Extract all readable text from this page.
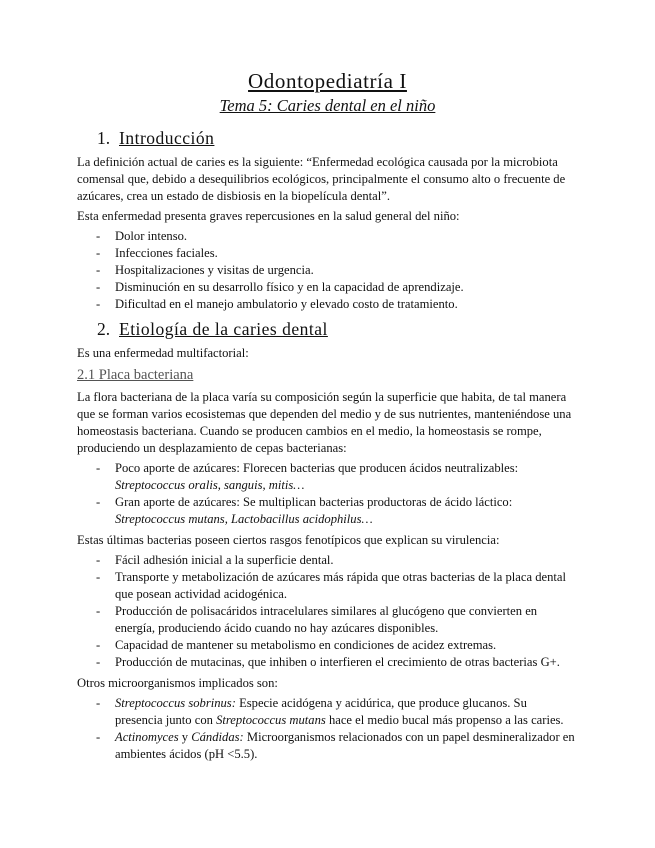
Odontopediatría I
Tema 5: Caries dental en el niño
1. Introducción

La definición actual de caries es la siguiente: “Enfermedad ecológica causada por la microbiota comensal que, debido a desequilibrios ecológicos, principalmente el consumo alto o frecuente de azúcares, crea un estado de disbiosis en la biopelícula dental”.

Esta enfermedad presenta graves repercusiones en la salud general del niño:

- Dolor intenso.
- Infecciones faciales.
- Hospitalizaciones y visitas de urgencia.
- Disminución en su desarrollo físico y en la capacidad de aprendizaje.
- Dificultad en el manejo ambulatorio y elevado costo de tratamiento.
2. Etiología de la caries dental

Es una enfermedad multifactorial:

2.1 Placa bacteriana

La flora bacteriana de la placa varía su composición según la superficie que habita, de tal manera que se forman varios ecosistemas que dependen del medio y de sus nutrientes, manteniéndose una homeostasis bacteriana. Cuando se producen cambios en el medio, la homeostasis se rompe, produciendo un desplazamiento de cepas bacterianas:

- Poco aporte de azúcares: Florecen bacterias que producen ácidos neutralizables:
Streptococcus oralis, sanguis, mitis…
- Gran aporte de azúcares: Se multiplican bacterias productoras de ácido láctico:
Streptococcus mutans, Lactobacillus acidophilus…

Estas últimas bacterias poseen ciertos rasgos fenotípicos que explican su virulencia:

- Fácil adhesión inicial a la superficie dental.
- Transporte y metabolización de azúcares más rápida que otras bacterias de la placa dental que posean actividad acidogénica.
- Producción de polisacáridos intracelulares similares al glucógeno que convierten en energía, produciendo ácido cuando no hay azúcares disponibles.
- Capacidad de mantener su metabolismo en condiciones de acidez extremas.
- Producción de mutacinas, que inhiben o interfieren el crecimiento de otras bacterias G+.

Otros microorganismos implicados son:

- Streptococcus sobrinus: Especie acidógena y acidúrica, que produce glucanos. Su presencia junto con Streptococcus mutans hace el medio bucal más propenso a las caries.
- Actinomyces y Cándidas: Microorganismos relacionados con un papel desmineralizador en ambientes ácidos (pH <5.5).
